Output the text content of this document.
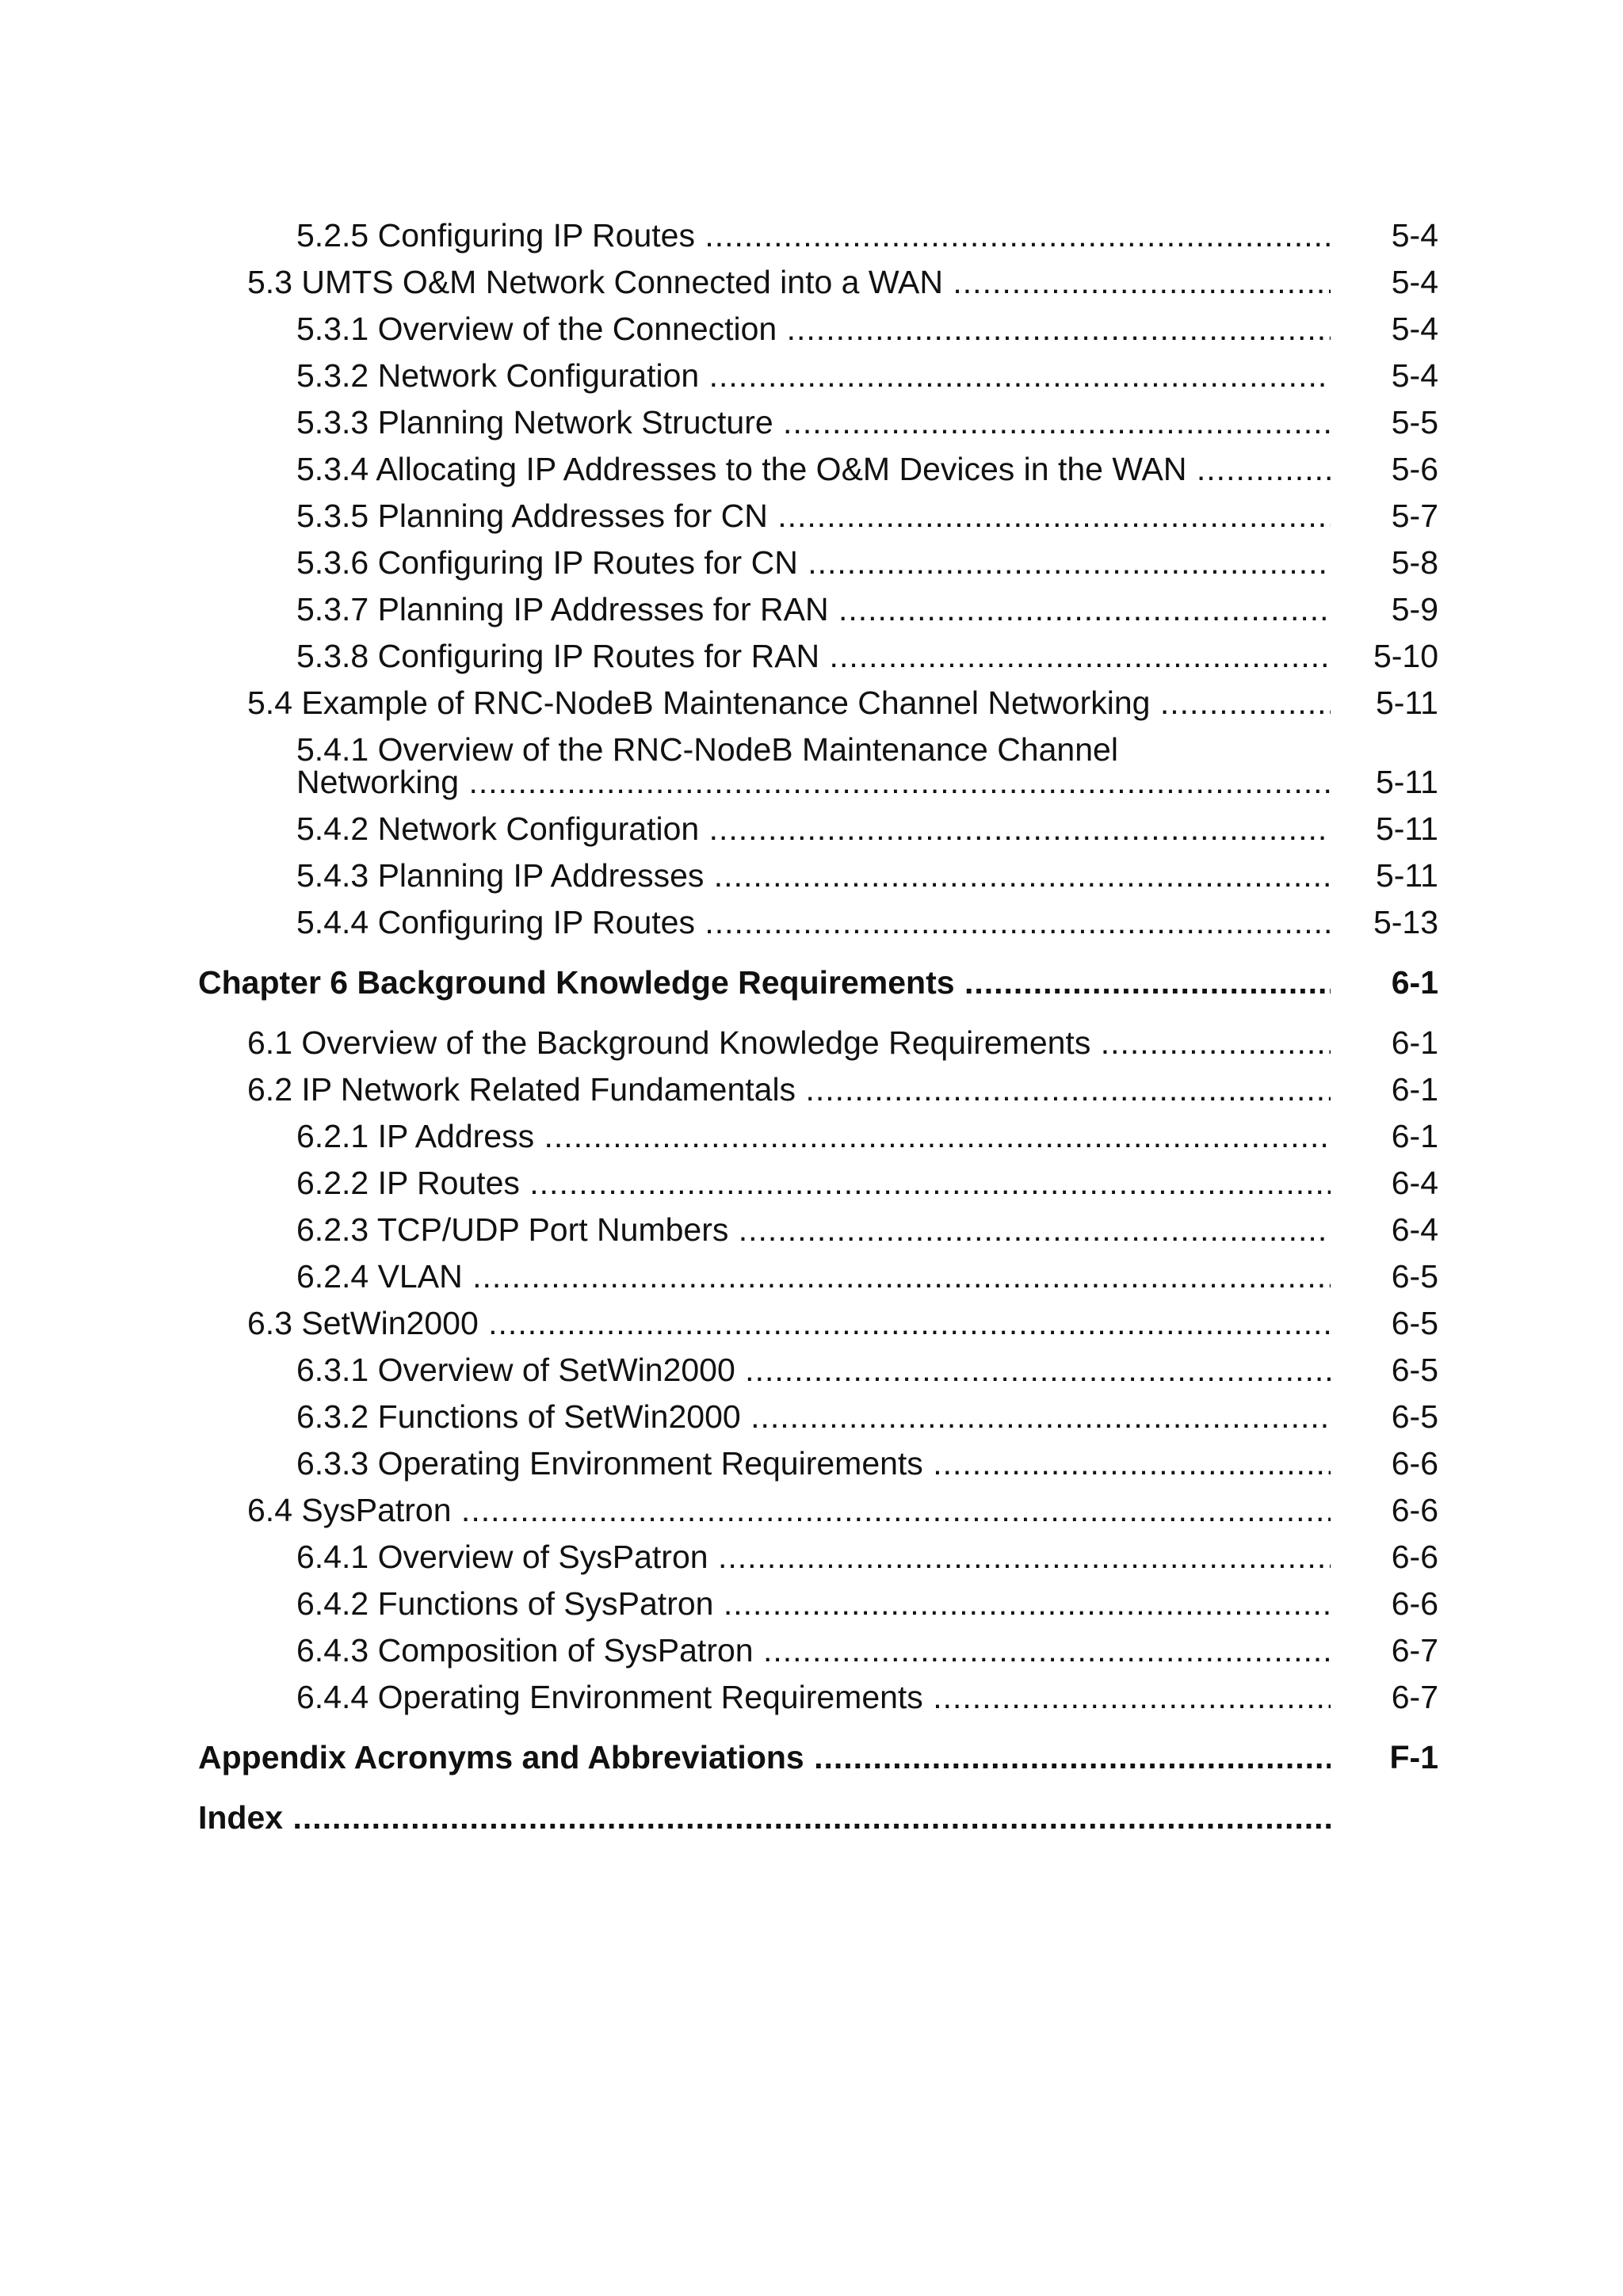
5.2.5 Configuring IP Routes .....	5-4
5.3 UMTS O&M Network Connected into a WAN .....	5-4
5.3.1 Overview of the Connection .....	5-4
5.3.2 Network Configuration .....	5-4
5.3.3 Planning Network Structure .....	5-5
5.3.4 Allocating IP Addresses to the O&M Devices in the WAN .....	5-6
5.3.5 Planning Addresses for CN .....	5-7
5.3.6 Configuring IP Routes for CN .....	5-8
5.3.7 Planning IP Addresses for RAN .....	5-9
5.3.8 Configuring IP Routes for RAN .....	5-10
5.4 Example of RNC-NodeB Maintenance Channel Networking .....	5-11
5.4.1 Overview of the RNC-NodeB Maintenance Channel
Networking .....	5-11
5.4.2 Network Configuration .....	5-11
5.4.3 Planning IP Addresses .....	5-11
5.4.4 Configuring IP Routes .....	5-13
Chapter 6 Background Knowledge Requirements .....	6-1
6.1 Overview of the Background Knowledge Requirements .....	6-1
6.2 IP Network Related Fundamentals .....	6-1
6.2.1 IP Address .....	6-1
6.2.2 IP Routes .....	6-4
6.2.3 TCP/UDP Port Numbers .....	6-4
6.2.4 VLAN .....	6-5
6.3 SetWin2000 .....	6-5
6.3.1 Overview of SetWin2000 .....	6-5
6.3.2 Functions of SetWin2000 .....	6-5
6.3.3 Operating Environment Requirements .....	6-6
6.4 SysPatron .....	6-6
6.4.1 Overview of SysPatron .....	6-6
6.4.2 Functions of SysPatron .....	6-6
6.4.3 Composition of SysPatron .....	6-7
6.4.4 Operating Environment Requirements .....	6-7
Appendix Acronyms and Abbreviations .....	F-1
Index .....
